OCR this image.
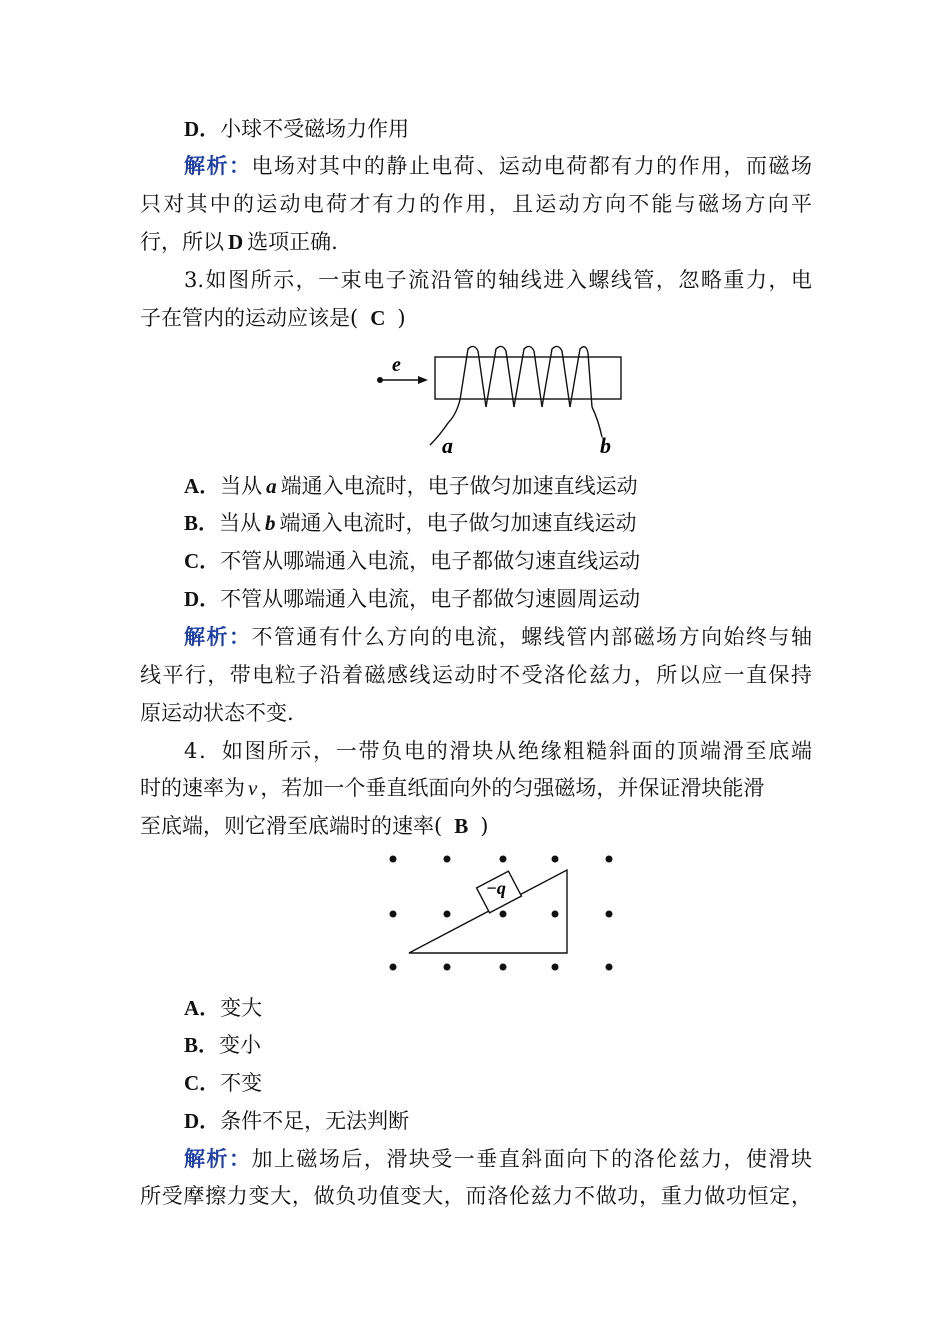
D．小球不受磁场力作用
解析：电场对其中的静止电荷、运动电荷都有力的作用，而磁场
只对其中的运动电荷才有力的作用，且运动方向不能与磁场方向平
行，所以 D 选项正确.
3.如图所示，一束电子流沿管的轴线进入螺线管，忽略重力，电
子在管内的运动应该是( C )
e
a	b
A．当从 a 端通入电流时，电子做匀加速直线运动
B．当从 b 端通入电流时，电子做匀加速直线运动
C．不管从哪端通入电流，电子都做匀速直线运动
D．不管从哪端通入电流，电子都做匀速圆周运动
解析：不管通有什么方向的电流，螺线管内部磁场方向始终与轴
线平行，带电粒子沿着磁感线运动时不受洛伦兹力，所以应一直保持
原运动状态不变.
4．如图所示，一带负电的滑块从绝缘粗糙斜面的顶端滑至底端
时的速率为 v ，若加一个垂直纸面向外的匀强磁场，并保证滑块能滑
至底端，则它滑至底端时的速率( B )
−q
A．变大
B．变小
C．不变
D．条件不足，无法判断
解析：加上磁场后，滑块受一垂直斜面向下的洛伦兹力，使滑块
所受摩擦力变大，做负功值变大，而洛伦兹力不做功，重力做功恒定，
